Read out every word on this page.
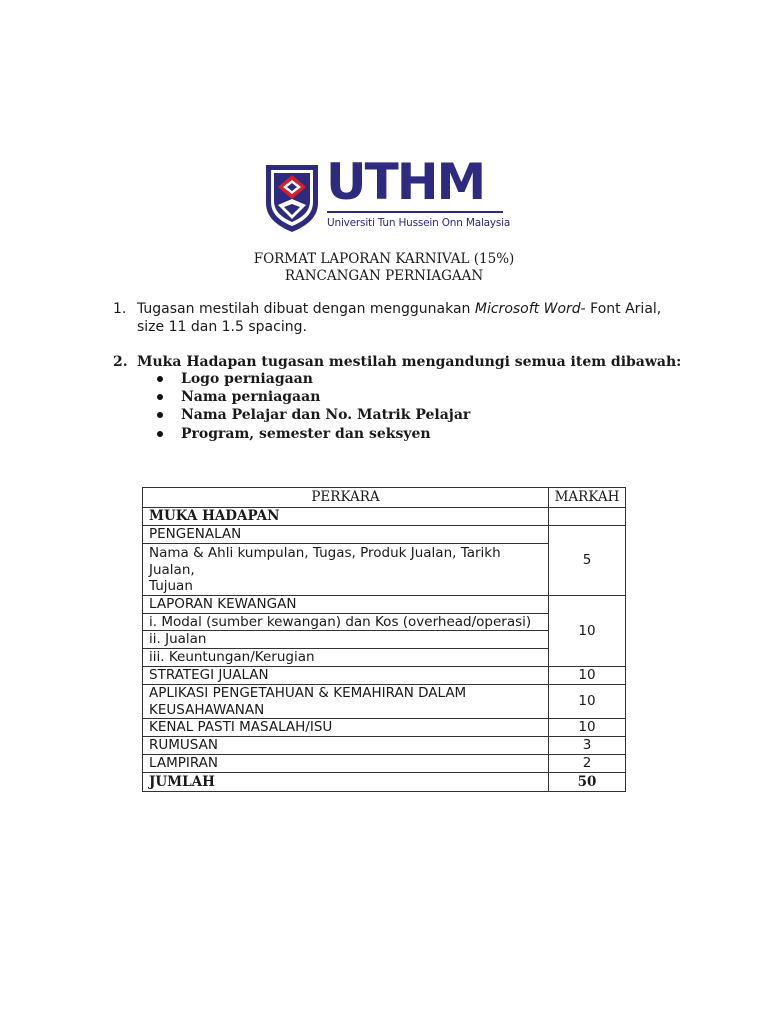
UTHM
Universiti Tun Hussein Onn Malaysia
FORMAT LAPORAN KARNIVAL (15%)
RANCANGAN PERNIAGAAN
1. Tugasan mestilah dibuat dengan menggunakan Microsoft Word- Font Arial, size 11 dan 1.5 spacing.
2. Muka Hadapan tugasan mestilah mengandungi semua item dibawah:
Logo perniagaan
Nama perniagaan
Nama Pelajar dan No. Matrik Pelajar
Program, semester dan seksyen
PERKARA	MARKAH
MUKA HADAPAN	
PENGENALAN	5
Nama & Ahli kumpulan, Tugas, Produk Jualan, Tarikh Jualan,	
Tujuan	
LAPORAN KEWANGAN	10
i. Modal (sumber kewangan) dan Kos (overhead/operasi)	
ii. Jualan	
iii. Keuntungan/Kerugian	
STRATEGI JUALAN	10
APLIKASI PENGETAHUAN & KEMAHIRAN DALAM KEUSAHAWANAN	10
KENAL PASTI MASALAH/ISU	10
RUMUSAN	3
LAMPIRAN	2
JUMLAH	50
